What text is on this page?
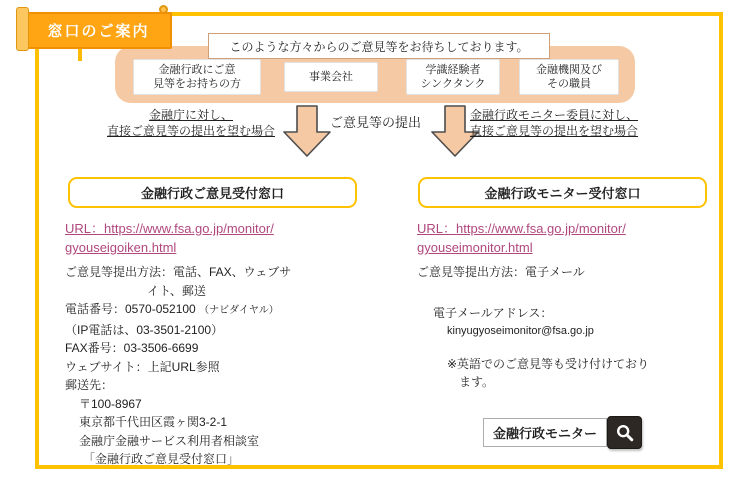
窓口のご案内
このような方々からのご意見等をお待ちしております。
金融行政にご意
見等をお持ちの方
事業会社
学識経験者
シンクタンク
金融機関及び
その職員
金融庁に対し、
直接ご意見等の提出を望む場合
ご意見等の提出	金融行政モニター委員に対し、
直接ご意見等の提出を望む場合
金融行政ご意見受付窓口	金融行政モニター受付窓口
URL：https://www.fsa.go.jp/monitor/
gyouseigoiken.html
URL：https://www.fsa.go.jp/monitor/
gyouseimonitor.html
ご意見等提出方法：電話、FAX、ウェブサ
イト、郵送
電話番号：0570-052100 （ナビダイヤル）
（IP電話は、03-3501-2100）
FAX番号：03-3506-6699
ウェブサイト：上記URL参照
郵送先：
〒100-8967
東京都千代田区霞ヶ関3-2-1
金融庁金融サービス利用者相談室
「金融行政ご意見受付窓口」
ご意見等提出方法：電子メール
電子メールアドレス：
kinyugyoseimonitor@fsa.go.jp
※英語でのご意見等も受け付けており
ます。
金融行政モニター
